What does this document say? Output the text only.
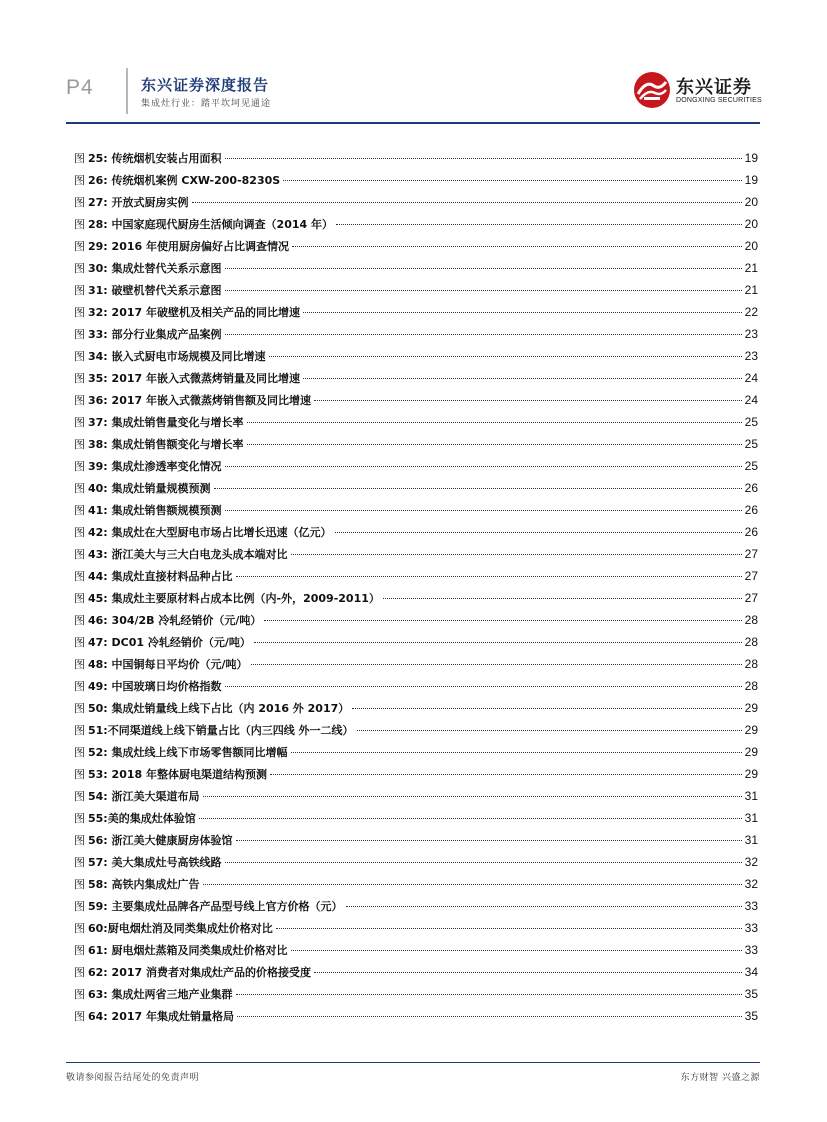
P4	东兴证券深度报告
集成灶行业：踏平坎坷见通途
东兴证券
DONGXING SECURITIES
图 25: 传统烟机安装占用面积	19
图 26: 传统烟机案例 CXW-200-8230S	19
图 27: 开放式厨房实例	20
图 28: 中国家庭现代厨房生活倾向调查（2014 年）	20
图 29: 2016 年使用厨房偏好占比调查情况	20
图 30: 集成灶替代关系示意图	21
图 31: 破壁机替代关系示意图	21
图 32: 2017 年破壁机及相关产品的同比增速	22
图 33: 部分行业集成产品案例	23
图 34: 嵌入式厨电市场规模及同比增速	23
图 35: 2017 年嵌入式微蒸烤销量及同比增速	24
图 36: 2017 年嵌入式微蒸烤销售额及同比增速	24
图 37: 集成灶销售量变化与增长率	25
图 38: 集成灶销售额变化与增长率	25
图 39: 集成灶渗透率变化情况	25
图 40: 集成灶销量规模预测	26
图 41: 集成灶销售额规模预测	26
图 42: 集成灶在大型厨电市场占比增长迅速（亿元）	26
图 43: 浙江美大与三大白电龙头成本端对比	27
图 44: 集成灶直接材料品种占比	27
图 45: 集成灶主要原材料占成本比例（内-外，2009-2011）	27
图 46: 304/2B 冷轧经销价（元/吨）	28
图 47: DC01 冷轧经销价（元/吨）	28
图 48: 中国铜每日平均价（元/吨）	28
图 49: 中国玻璃日均价格指数	28
图 50: 集成灶销量线上线下占比（内 2016 外 2017）	29
图 51:不同渠道线上线下销量占比（内三四线 外一二线）	29
图 52: 集成灶线上线下市场零售额同比增幅	29
图 53: 2018 年整体厨电渠道结构预测	29
图 54: 浙江美大渠道布局	31
图 55:美的集成灶体验馆	31
图 56: 浙江美大健康厨房体验馆	31
图 57: 美大集成灶号高铁线路	32
图 58: 高铁内集成灶广告	32
图 59: 主要集成灶品牌各产品型号线上官方价格（元）	33
图 60:厨电烟灶消及同类集成灶价格对比	33
图 61: 厨电烟灶蒸箱及同类集成灶价格对比	33
图 62: 2017 消费者对集成灶产品的价格接受度	34
图 63: 集成灶两省三地产业集群	35
图 64: 2017 年集成灶销量格局	35
敬请参阅报告结尾处的免责声明	东方财智 兴盛之源
